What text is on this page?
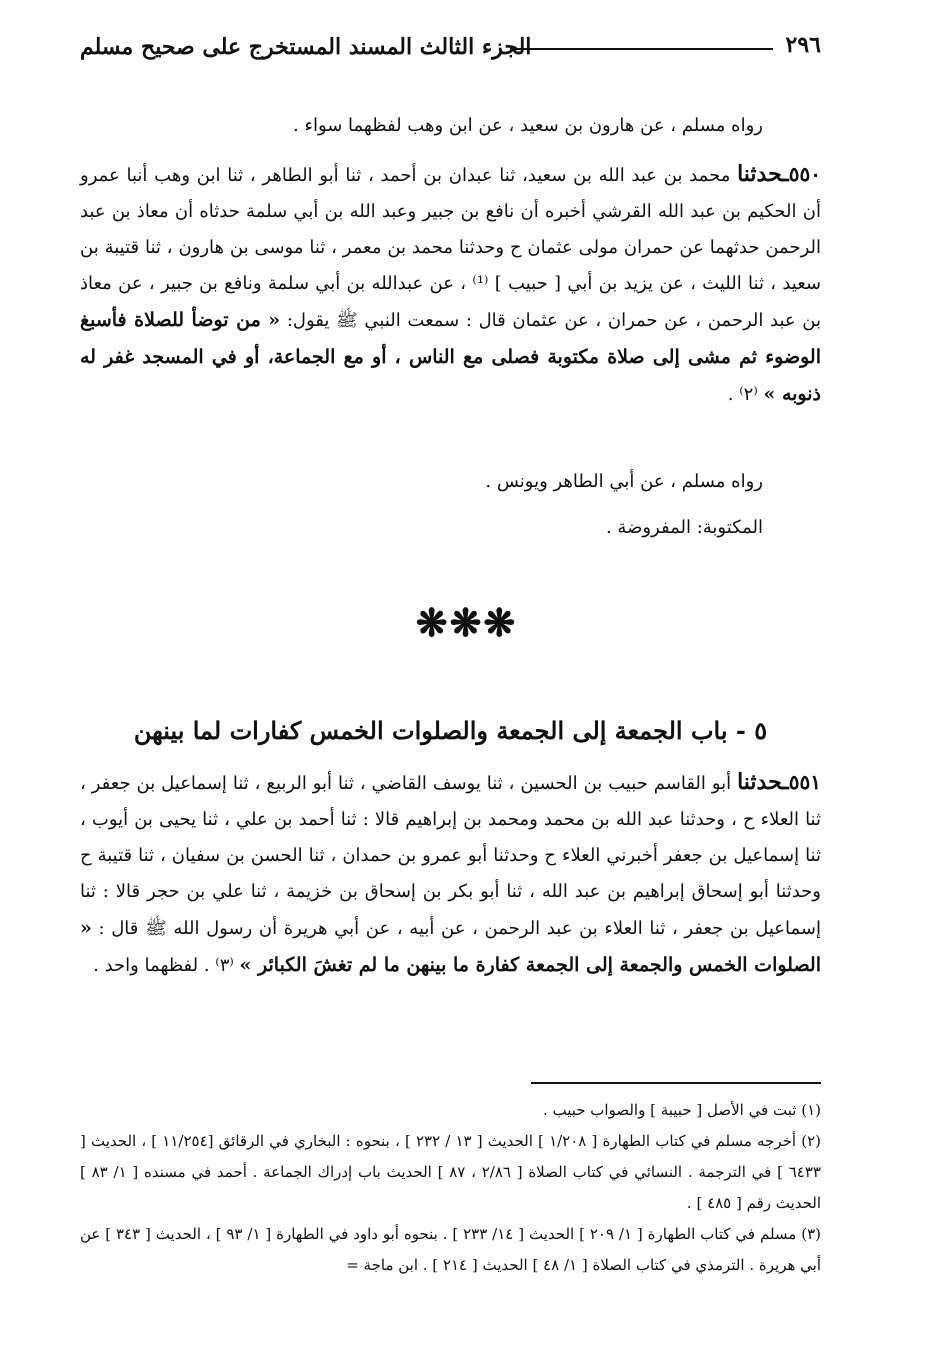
٢٩٦
الجزء الثالث المسند المستخرج على صحيح مسلم
رواه مسلم ، عن هارون بن سعيد ، عن ابن وهب لفظهما سواء .
٥٥٠ـحدثنا محمد بن عبد الله بن سعيد، ثنا عبدان بن أحمد ، ثنا أبو الطاهر ، ثنا ابن وهب أنبا عمرو أن الحكيم بن عبد الله القرشي أخبره أن نافع بن جبير وعبد الله بن أبي سلمة حدثاه أن معاذ بن عبد الرحمن حدثهما عن حمران مولى عثمان ح وحدثنا محمد بن معمر ، ثنا موسى بن هارون ، ثنا قتيبة بن سعيد ، ثنا الليث ، عن يزيد بن أبي [ حبيب ] ⁽¹⁾ ، عن عبدالله بن أبي سلمة ونافع بن جبير ، عن معاذ بن عبد الرحمن ، عن حمران ، عن عثمان قال : سمعت النبي ﷺ يقول: « من توضأ للصلاة فأسبغ الوضوء ثم مشى إلى صلاة مكتوبة فصلى مع الناس ، أو مع الجماعة، أو في المسجد غفر له ذنوبه » ⁽٢⁾ .
رواه مسلم ، عن أبي الطاهر ويونس .
المكتوبة: المفروضة .
❋❋❋
٥ - باب الجمعة إلى الجمعة والصلوات الخمس كفارات لما بينهن
٥٥١ـحدثنا أبو القاسم حبيب بن الحسين ، ثنا يوسف القاضي ، ثنا أبو الربيع ، ثنا إسماعيل بن جعفر ، ثنا العلاء ح ، وحدثنا عبد الله بن محمد ومحمد بن إبراهيم قالا : ثنا أحمد بن علي ، ثنا يحيى بن أيوب ، ثنا إسماعيل بن جعفر أخبرني العلاء ح وحدثنا أبو عمرو بن حمدان ، ثنا الحسن بن سفيان ، ثنا قتيبة ح وحدثنا أبو إسحاق إبراهيم بن عبد الله ، ثنا أبو بكر بن إسحاق بن خزيمة ، ثنا علي بن حجر قالا : ثنا إسماعيل بن جعفر ، ثنا العلاء بن عبد الرحمن ، عن أبيه ، عن أبي هريرة أن رسول الله ﷺ قال : « الصلوات الخمس والجمعة إلى الجمعة كفارة ما بينهن ما لم تغشَ الكبائر » ⁽٣⁾ . لفظهما واحد .

(١) ثبت في الأصل [ حبيبة ] والصواب حبيب .

(٢) أخرجه مسلم في كتاب الطهارة [ ١/٢٠٨ ] الحديث [ ١٣ / ٢٣٢ ] ، بنحوه : البخاري في الرقائق [١١/٢٥٤ ] ، الحديث [ ٦٤٣٣ ] في الترجمة . النسائي في كتاب الصلاة [ ٢/٨٦ ، ٨٧ ] الحديث باب إدراك الجماعة . أحمد في مسنده [ ١/ ٨٣ ] الحديث رقم [ ٤٨٥ ] .

(٣) مسلم في كتاب الطهارة [ ١/ ٢٠٩ ] الحديث [ ١٤/ ٢٣٣ ] . بنحوه أبو داود في الطهارة [ ١/ ٩٣ ] ، الحديث [ ٣٤٣ ] عن أبي هريرة . الترمذي في كتاب الصلاة [ ١/ ٤٨ ] الحديث [ ٢١٤ ] . ابن ماجة =
